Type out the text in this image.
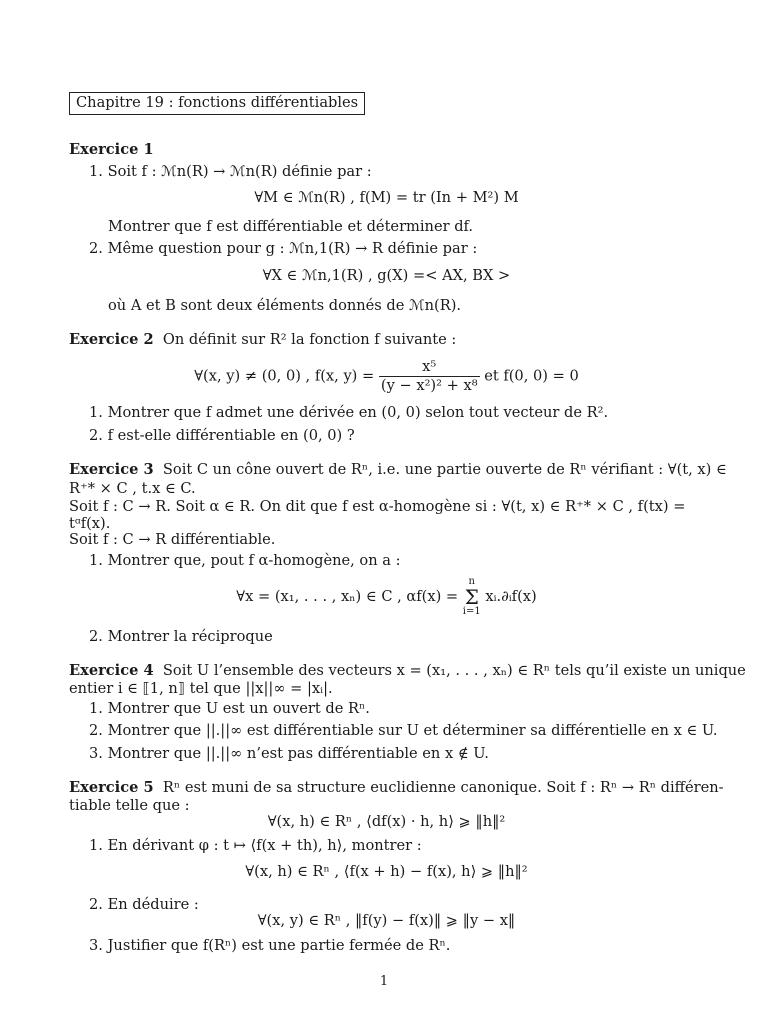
Chapitre 19 : fonctions différentiables
Exercice 1
1. Soit f : ℳn(R) → ℳn(R) définie par :
∀M ∈ ℳn(R) , f(M) = tr (In + M²) M
Montrer que f est différentiable et déterminer df.
2. Même question pour g : ℳn,1(R) → R définie par :
∀X ∈ ℳn,1(R) , g(X) =< AX, BX >
où A et B sont deux éléments donnés de ℳn(R).
Exercice 2 On définit sur R² la fonction f suivante :
∀(x, y) ≠ (0, 0) , f(x, $y) = \frac{\text{x⁵}}{\text{(y − x²)² + x⁸}}$ et f(0, 0) = 0
1. Montrer que f admet une dérivée en (0, 0) selon tout vecteur de R².
2. f est-elle différentiable en (0, 0) ?
Exercice 3 Soit C un cône ouvert de Rⁿ, i.e. une partie ouverte de Rⁿ vérifiant : ∀(t, x) ∈
R⁺* × C , t.x ∈ C.
Soit f : C → R. Soit α ∈ R. On dit que f est α-homogène si : ∀(t, x) ∈ R⁺* × C , f(tx) =
tᵅf(x).
Soit f : C → R différentiable.
1. Montrer que, pout f α-homogène, on a :
∀x = (x₁, . . . , xₙ) ∈ C , αf(x) =
n
Σ
i=1
xᵢ.∂ᵢf(x)
2. Montrer la réciproque
Exercice 4 Soit U l’ensemble des vecteurs x = (x₁, . . . , xₙ) ∈ Rⁿ tels qu’il existe un unique
entier i ∈ ⟦1, n⟧ tel que ||x||∞ = |xᵢ|.
1. Montrer que U est un ouvert de Rⁿ.
2. Montrer que ||.||∞ est différentiable sur U et déterminer sa différentielle en x ∈ U.
3. Montrer que ||.||∞ n’est pas différentiable en x ∉ U.
Exercice 5 Rⁿ est muni de sa structure euclidienne canonique. Soit f : Rⁿ → Rⁿ différen-
tiable telle que :
∀(x, h) ∈ Rⁿ , ⟨df(x) · h, h⟩ ⩾ ‖h‖²
1. En dérivant φ : t ↦ ⟨f(x + th), h⟩, montrer :
∀(x, h) ∈ Rⁿ , ⟨f(x + h) − f(x), h⟩ ⩾ ‖h‖²
2. En déduire :
∀(x, y) ∈ Rⁿ , ‖f(y) − f(x)‖ ⩾ ‖y − x‖
3. Justifier que f(Rⁿ) est une partie fermée de Rⁿ.
1
